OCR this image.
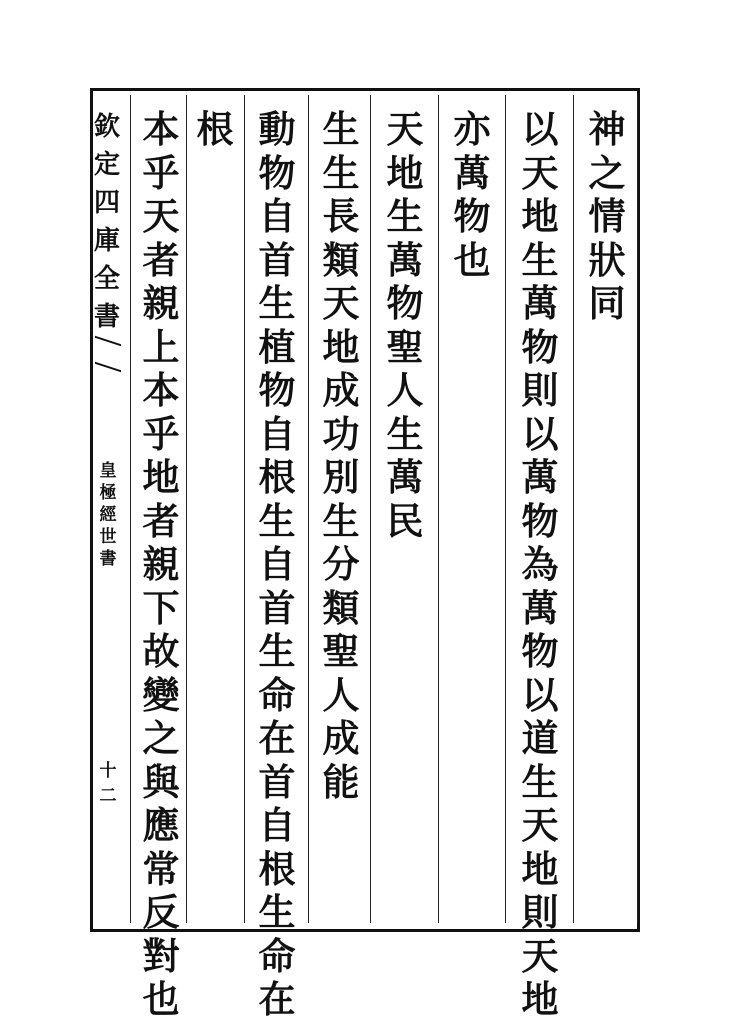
欽
定
四
庫
全
書
皇
極
經
世
書
十二
神
之
情
狀
同
以
天
地
生
萬
物
則
以
萬
物
為
萬
物
以
道
生
天
地
則
天
地
亦
萬
物
也
天
地
生
萬
物
聖
人
生
萬
民
生
生
長
類
天
地
成
功
別
生
分
類
聖
人
成
能
動
物
自
首
生
植
物
自
根
生
自
首
生
命
在
首
自
根
生
命
在
根
本
乎
天
者
親
上
本
乎
地
者
親
下
故
變
之
與
應
常
反
對
也
